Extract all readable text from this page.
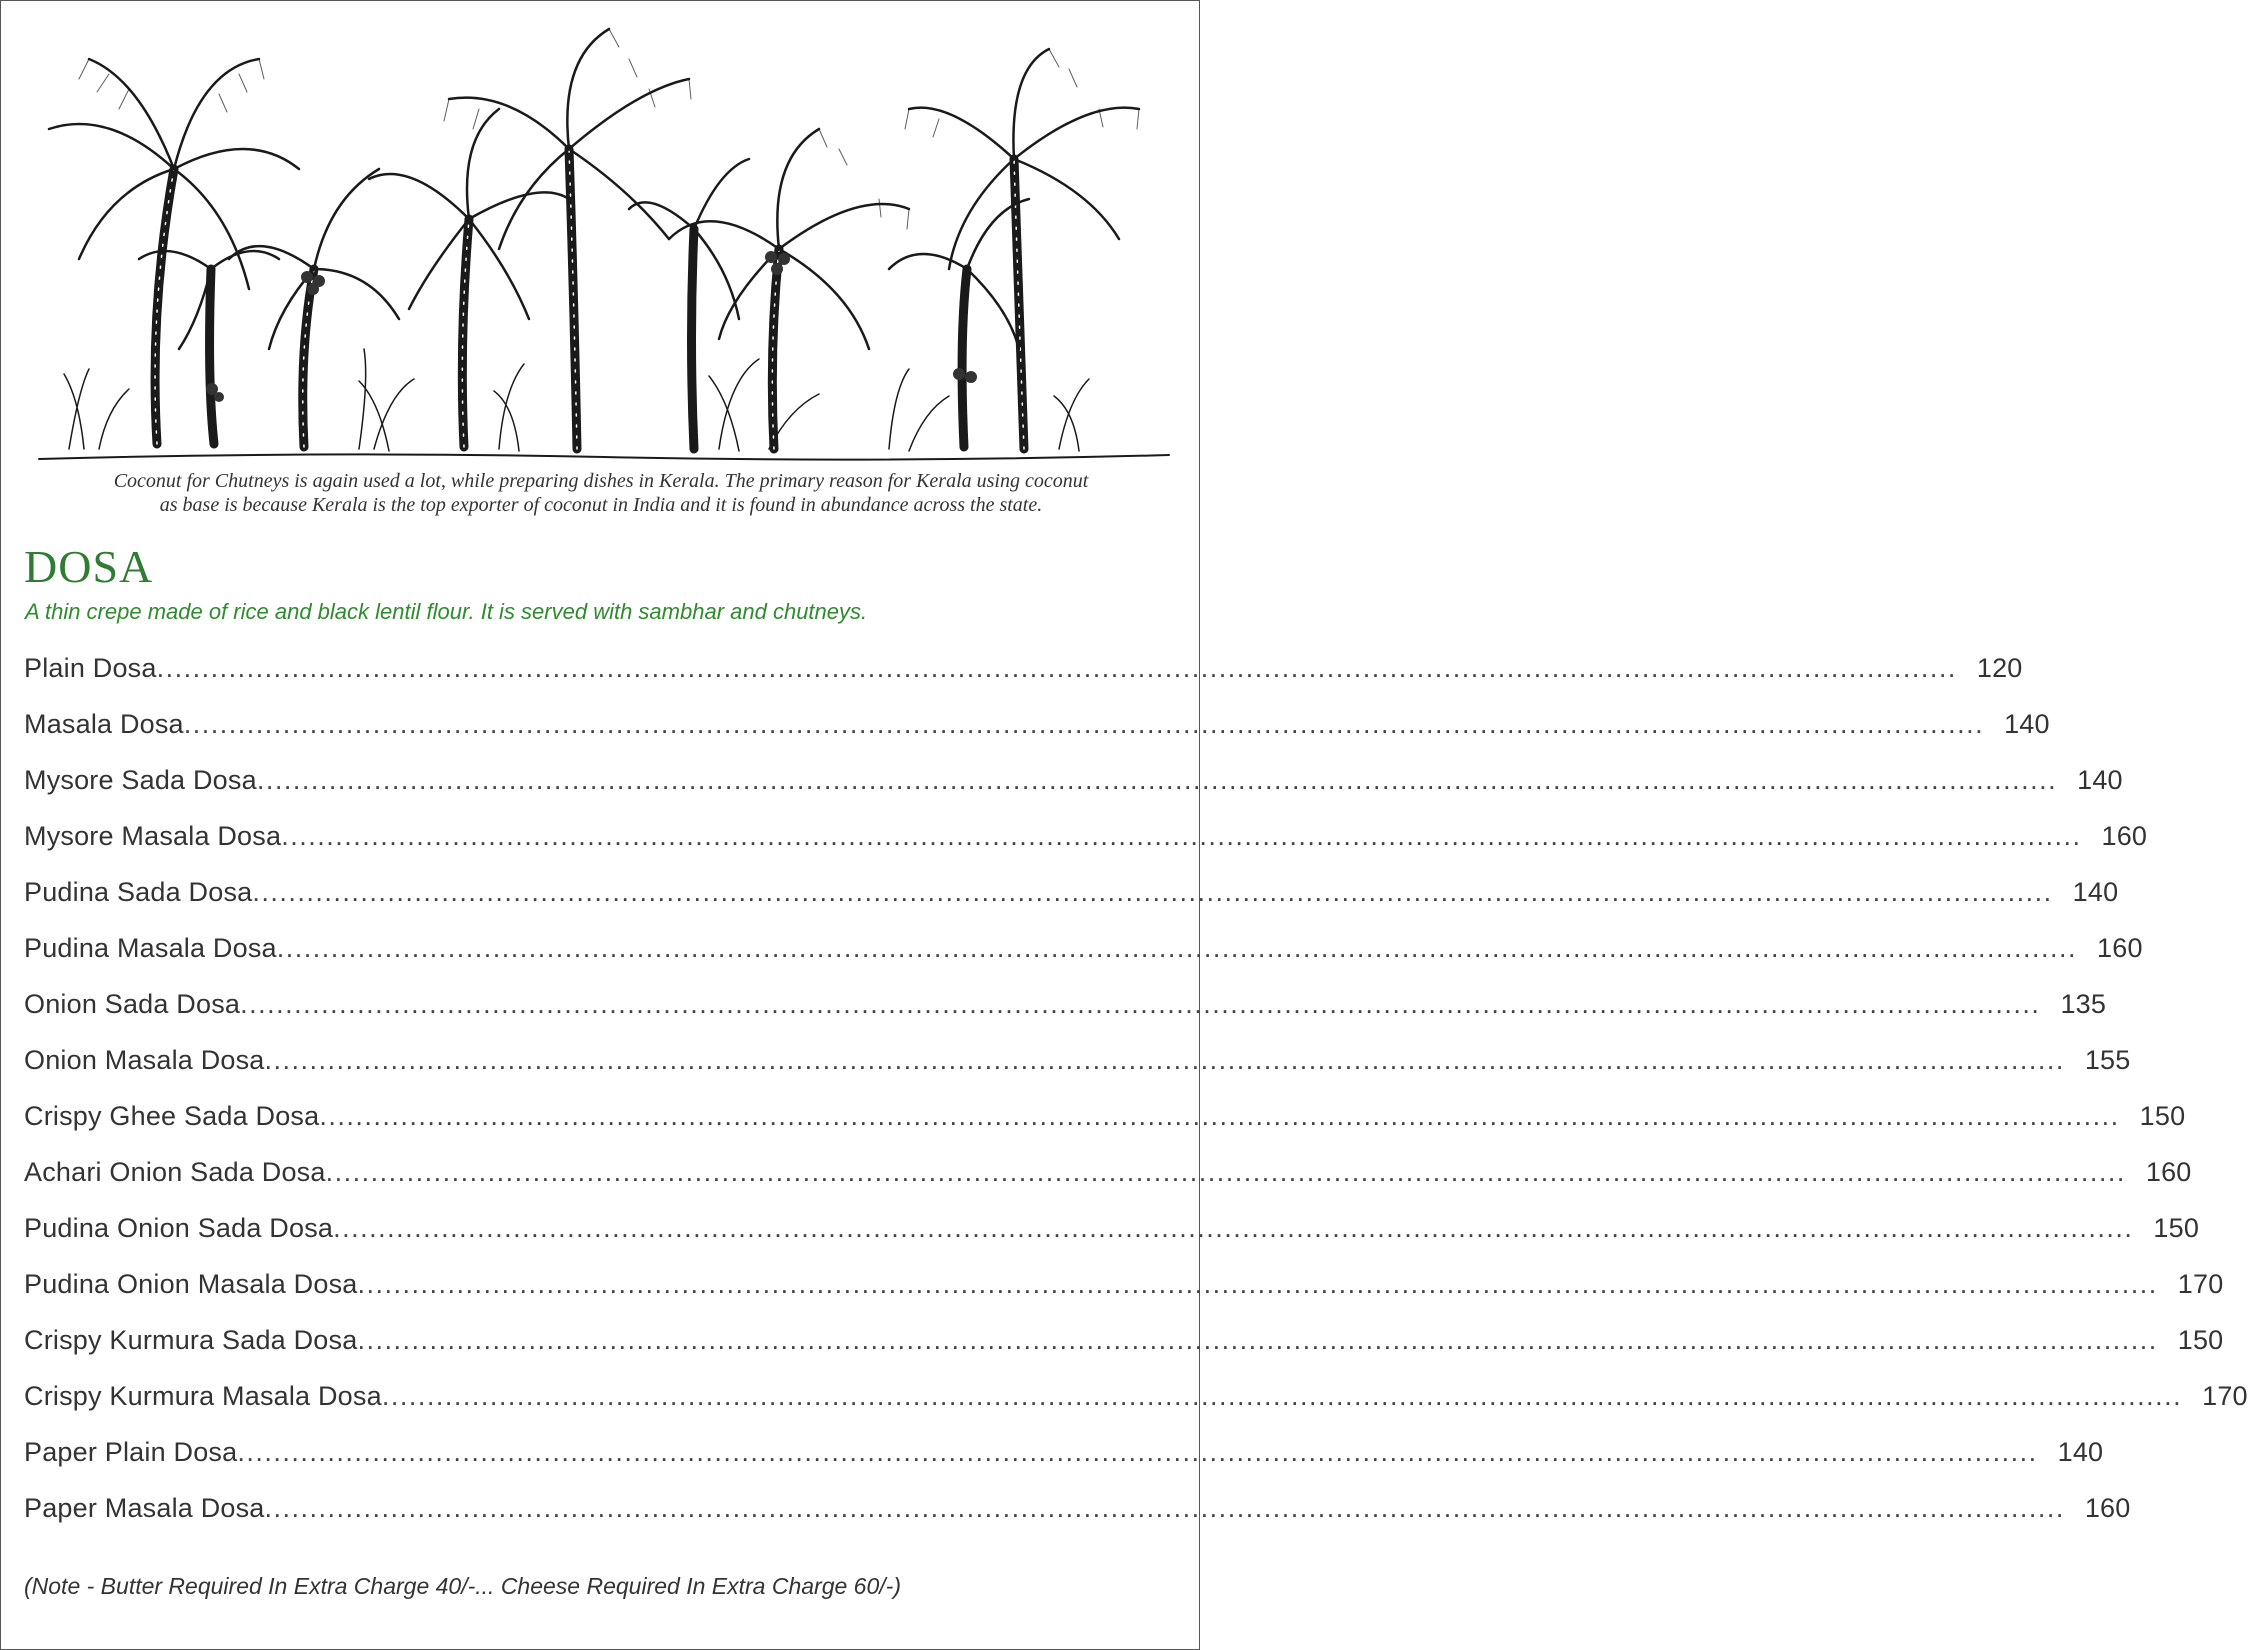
Coconut for Chutneys is again used a lot, while preparing dishes in Kerala. The primary reason for Kerala using coconut
as base is because Kerala is the top exporter of coconut in India and it is found in abundance across the state.
DOSA
A thin crepe made of rice and black lentil flour. It is served with sambhar and chutneys.
Plain Dosa ........................................................................................................................................................................................................ 120
Masala Dosa ........................................................................................................................................................................................................ 140
Mysore Sada Dosa ........................................................................................................................................................................................................ 140
Mysore Masala Dosa ........................................................................................................................................................................................................ 160
Pudina Sada Dosa ........................................................................................................................................................................................................ 140
Pudina Masala Dosa ........................................................................................................................................................................................................ 160
Onion Sada Dosa ........................................................................................................................................................................................................ 135
Onion Masala Dosa ........................................................................................................................................................................................................ 155
Crispy Ghee Sada Dosa ........................................................................................................................................................................................................ 150
Achari Onion Sada Dosa ........................................................................................................................................................................................................ 160
Pudina Onion Sada Dosa ........................................................................................................................................................................................................ 150
Pudina Onion Masala Dosa ........................................................................................................................................................................................................ 170
Crispy Kurmura Sada Dosa ........................................................................................................................................................................................................ 150
Crispy Kurmura Masala Dosa ........................................................................................................................................................................................................ 170
Paper Plain Dosa ........................................................................................................................................................................................................ 140
Paper Masala Dosa ........................................................................................................................................................................................................ 160
(Note - Butter Required In Extra Charge 40/-... Cheese Required In Extra Charge 60/-)
